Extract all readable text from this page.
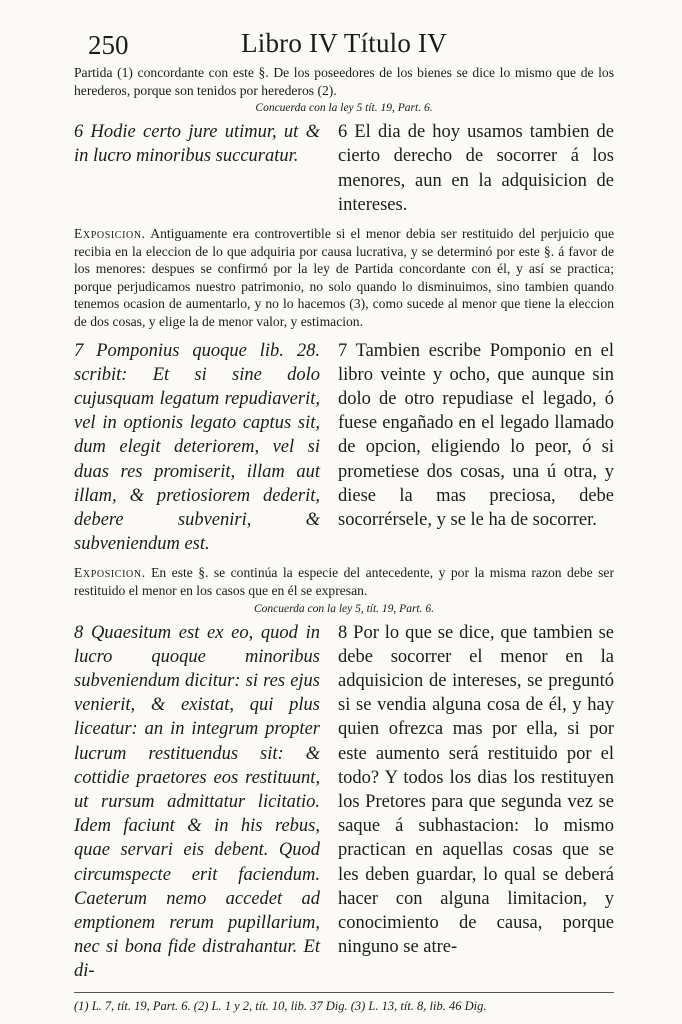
250	Libro IV Título IV
Partida (1) concordante con este §. De los poseedores de los bienes se dice lo mismo que de los herederos, porque son tenidos por herederos (2).
Concuerda con la ley 5 tít. 19, Part. 6.
6 Hodie certo jure utimur, ut & in lucro minoribus succuratur.
6 El dia de hoy usamos tambien de cierto derecho de socorrer á los menores, aun en la adquisicion de intereses.
Exposicion. Antiguamente era controvertible si el menor debia ser restituido del perjuicio que recibia en la eleccion de lo que adquiria por causa lucrativa, y se determinó por este §. á favor de los menores: despues se confirmó por la ley de Partida concordante con él, y así se practica; porque perjudicamos nuestro patrimonio, no solo quando lo disminuimos, sino tambien quando tenemos ocasion de aumentarlo, y no lo hacemos (3), como sucede al menor que tiene la eleccion de dos cosas, y elige la de menor valor, y estimacion.
7 Pomponius quoque lib. 28. scribit: Et si sine dolo cujusquam legatum repudiaverit, vel in optionis legato captus sit, dum elegit deteriorem, vel si duas res promiserit, illam aut illam, & pretiosiorem dederit, debere subveniri, & subveniendum est.
7 Tambien escribe Pomponio en el libro veinte y ocho, que aunque sin dolo de otro repudiase el legado, ó fuese engañado en el legado llamado de opcion, eligiendo lo peor, ó si prometiese dos cosas, una ú otra, y diese la mas preciosa, debe socorrérsele, y se le ha de socorrer.
Exposicion. En este §. se continúa la especie del antecedente, y por la misma razon debe ser restituido el menor en los casos que en él se expresan.
Concuerda con la ley 5, tít. 19, Part. 6.
8 Quaesitum est ex eo, quod in lucro quoque minoribus subveniendum dicitur: si res ejus venierit, & existat, qui plus liceatur: an in integrum propter lucrum restituendus sit: & cottidie praetores eos restituunt, ut rursum admittatur licitatio. Idem faciunt & in his rebus, quae servari eis debent. Quod circumspecte erit faciendum. Caeterum nemo accedet ad emptionem rerum pupillarium, nec si bona fide distrahantur. Et di-
8 Por lo que se dice, que tambien se debe socorrer el menor en la adquisicion de intereses, se preguntó si se vendia alguna cosa de él, y hay quien ofrezca mas por ella, si por este aumento será restituido por el todo? Y todos los dias los restituyen los Pretores para que segunda vez se saque á subhastacion: lo mismo practican en aquellas cosas que se les deben guardar, lo qual se deberá hacer con alguna limitacion, y conocimiento de causa, porque ninguno se atre-
(1) L. 7, tít. 19, Part. 6. (2) L. 1 y 2, tít. 10, lib. 37 Dig. (3) L. 13, tít. 8, lib. 46 Dig.
